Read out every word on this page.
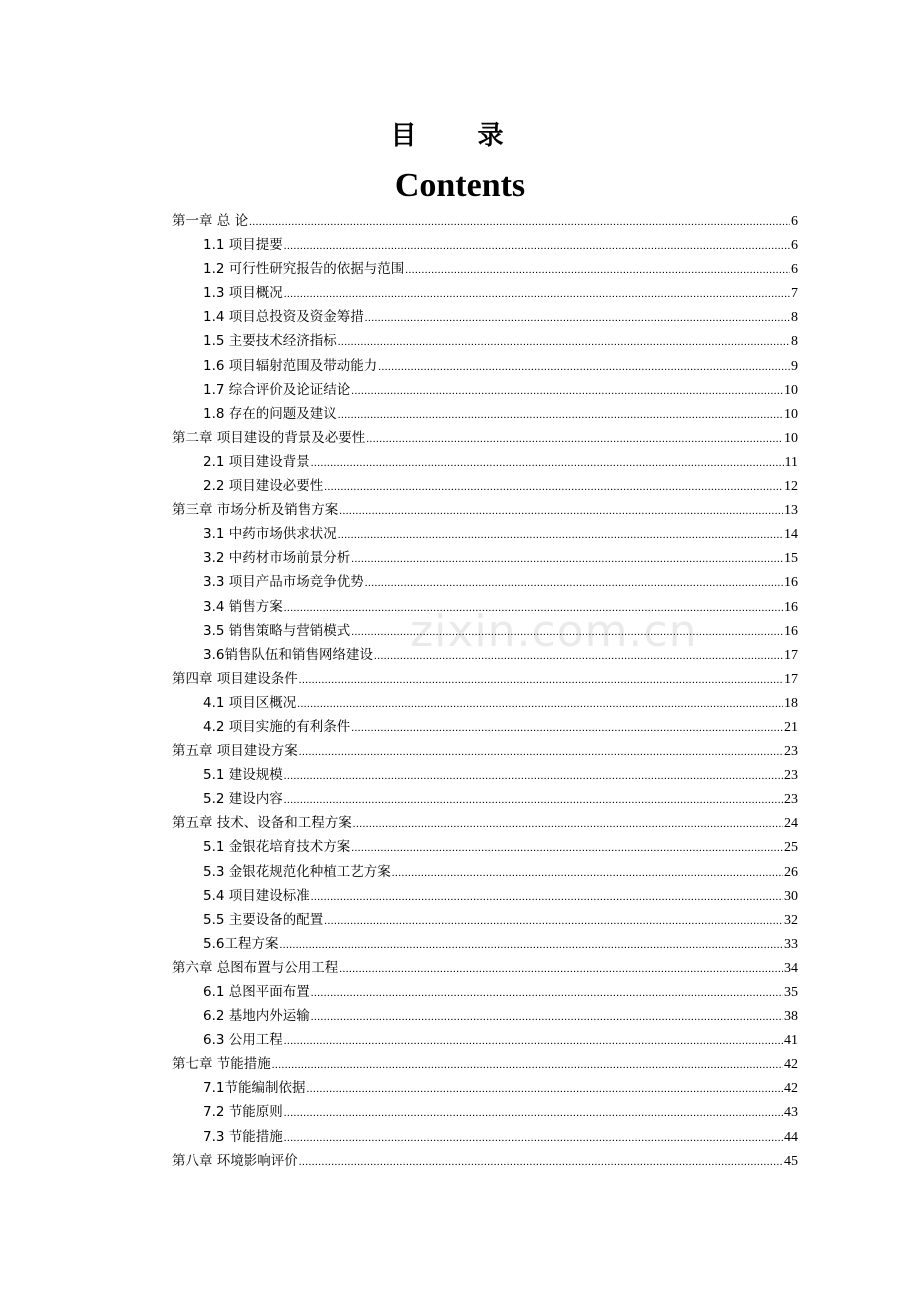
目 录
Contents
zixin.com.cn
第一章 总 论 .....	6
1.1 项目提要 .....	6
1.2 可行性研究报告的依据与范围 .....	6
1.3 项目概况 .....	7
1.4 项目总投资及资金筹措 .....	8
1.5 主要技术经济指标 .....	8
1.6 项目辐射范围及带动能力 .....	9
1.7 综合评价及论证结论 .....	10
1.8 存在的问题及建议 .....	10
第二章 项目建设的背景及必要性 .....	10
2.1 项目建设背景 .....	11
2.2 项目建设必要性 .....	12
第三章 市场分析及销售方案 .....	13
3.1 中药市场供求状况 .....	14
3.2 中药材市场前景分析 .....	15
3.3 项目产品市场竞争优势 .....	16
3.4 销售方案 .....	16
3.5 销售策略与营销模式 .....	16
3.6销售队伍和销售网络建设 .....	17
第四章 项目建设条件 .....	17
4.1 项目区概况 .....	18
4.2 项目实施的有利条件 .....	21
第五章 项目建设方案 .....	23
5.1 建设规模 .....	23
5.2 建设内容 .....	23
第五章 技术、设备和工程方案 .....	24
5.1 金银花培育技术方案 .....	25
5.3 金银花规范化种植工艺方案 .....	26
5.4 项目建设标准 .....	30
5.5 主要设备的配置 .....	32
5.6工程方案 .....	33
第六章 总图布置与公用工程 .....	34
6.1 总图平面布置 .....	35
6.2 基地内外运输 .....	38
6.3 公用工程 .....	41
第七章 节能措施 .....	42
7.1节能编制依据 .....	42
7.2 节能原则 .....	43
7.3 节能措施 .....	44
第八章 环境影响评价 .....	45
